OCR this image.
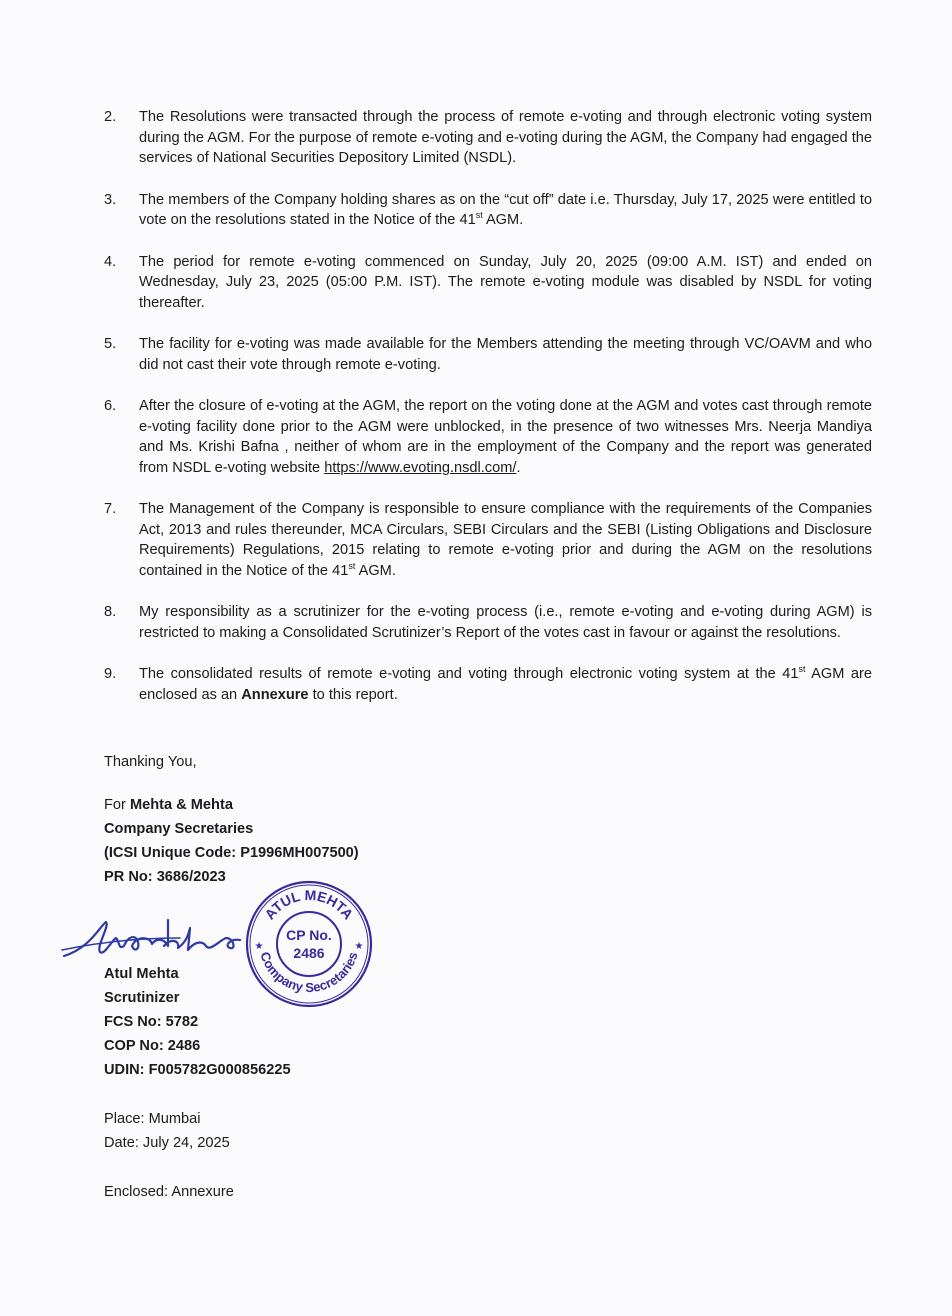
2.	The Resolutions were transacted through the process of remote e-voting and through electronic voting system during the AGM. For the purpose of remote e-voting and e-voting during the AGM, the Company had engaged the services of National Securities Depository Limited (NSDL).
3.	The members of the Company holding shares as on the “cut off” date i.e. Thursday, July 17, 2025 were entitled to vote on the resolutions stated in the Notice of the 41st AGM.
4.	The period for remote e-voting commenced on Sunday, July 20, 2025 (09:00 A.M. IST) and ended on Wednesday, July 23, 2025 (05:00 P.M. IST). The remote e-voting module was disabled by NSDL for voting thereafter.
5.	The facility for e-voting was made available for the Members attending the meeting through VC/OAVM and who did not cast their vote through remote e-voting.
6.	After the closure of e-voting at the AGM, the report on the voting done at the AGM and votes cast through remote e-voting facility done prior to the AGM were unblocked, in the presence of two witnesses Mrs. Neerja Mandiya and Ms. Krishi Bafna , neither of whom are in the employment of the Company and the report was generated from NSDL e-voting website https://www.evoting.nsdl.com/.
7.	The Management of the Company is responsible to ensure compliance with the requirements of the Companies Act, 2013 and rules thereunder, MCA Circulars, SEBI Circulars and the SEBI (Listing Obligations and Disclosure Requirements) Regulations, 2015 relating to remote e-voting prior and during the AGM on the resolutions contained in the Notice of the 41st AGM.
8.	My responsibility as a scrutinizer for the e-voting process (i.e., remote e-voting and e-voting during AGM) is restricted to making a Consolidated Scrutinizer’s Report of the votes cast in favour or against the resolutions.
9.	The consolidated results of remote e-voting and voting through electronic voting system at the 41st AGM are enclosed as an Annexure to this report.
Thanking You,
For Mehta & Mehta
Company Secretaries
(ICSI Unique Code: P1996MH007500)
PR No: 3686/2023
ATUL MEHTA
Company Secretaries
CP No.
2486
★	★
Atul Mehta
Scrutinizer
FCS No: 5782
COP No: 2486
UDIN: F005782G000856225
Place: Mumbai
Date: July 24, 2025
Enclosed: Annexure
